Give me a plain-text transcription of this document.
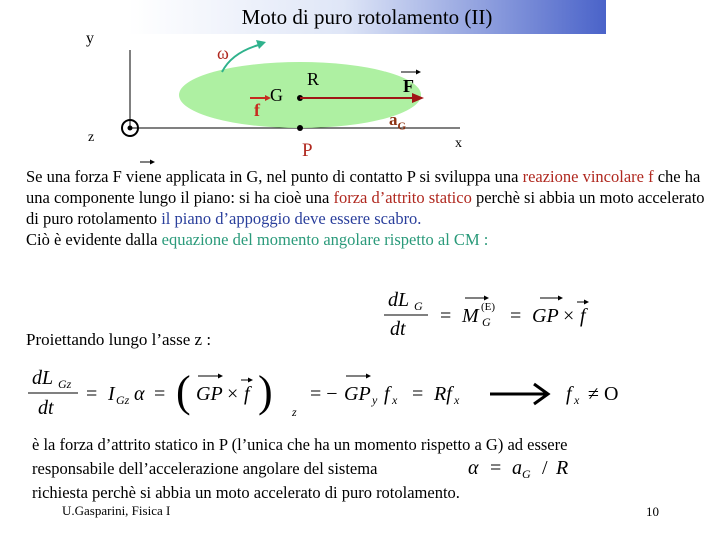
Moto di puro rotolamento (II)
y
z	x
ω
R
G
f
F
$a_G$
P
Se una forza F viene applicata in G, nel punto di contatto P si sviluppa una reazione vincolare f che ha una componente lungo il piano: si ha cioè una forza d’attrito statico perchè si abbia un moto accelerato di puro rotolamento il piano d’appoggio deve essere scabro.
Ciò è evidente dalla equazione del momento angolare rispetto al CM :
dL G
dt
= M G
(E) = GP × f
Proiettando lungo l’asse z :
dL Gz
dt
= I Gz α = ( GP × f ) z
= − GP y f x = Rf x	f x ≠ O
è la forza d’attrito statico in P (l’unica che ha un momento rispetto a G) ad essere
responsabile dell’accelerazione angolare del sistema
richiesta perchè si abbia un moto accelerato di puro rotolamento.
α = a G / R
U.Gasparini, Fisica I	10
